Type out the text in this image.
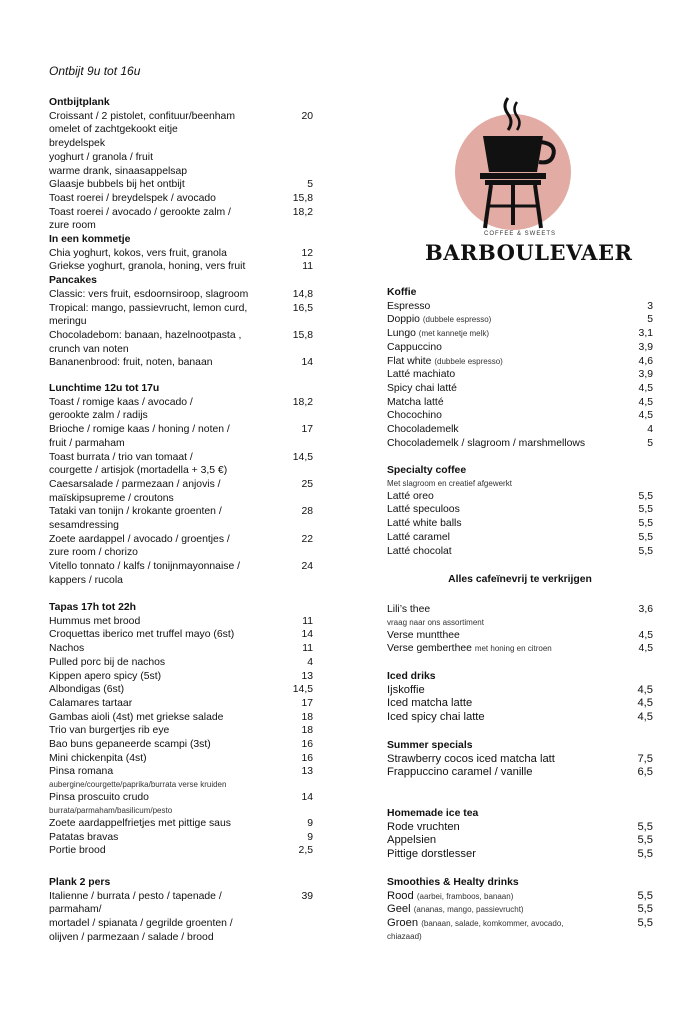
Ontbijt 9u tot 16u
COFFEE & SWEETS
BARBOULEVAER
Ontbijtplank
Croissant / 2 pistolet, confituur/beenham	20
omelet of zachtgekookt eitje
breydelspek
yoghurt / granola / fruit
warme drank, sinaasappelsap
Glaasje bubbels bij het ontbijt	5
Toast roerei / breydelspek / avocado	15,8
Toast roerei / avocado / gerookte zalm /	18,2
zure room
In een kommetje
Chia yoghurt, kokos, vers fruit, granola	12
Griekse yoghurt, granola, honing, vers fruit	11
Pancakes
Classic: vers fruit, esdoornsiroop, slagroom	14,8
Tropical: mango, passievrucht, lemon curd,	16,5
meringu
Chocoladebom: banaan, hazelnootpasta ,	15,8
crunch van noten
Bananenbrood: fruit, noten, banaan	14
Lunchtime 12u tot 17u
Toast / romige kaas / avocado /	18,2
gerookte zalm / radijs
Brioche / romige kaas / honing / noten /	17
fruit / parmaham
Toast burrata / trio van tomaat /	14,5
courgette / artisjok (mortadella + 3,5 €)
Caesarsalade / parmezaan / anjovis /	25
maïskipsupreme / croutons
Tataki van tonijn / krokante groenten /	28
sesamdressing
Zoete aardappel / avocado / groentjes /	22
zure room / chorizo
Vitello tonnato / kalfs / tonijnmayonnaise /	24
kappers / rucola
Tapas 17h tot 22h
Hummus met brood	11
Croquettas iberico met truffel mayo (6st)	14
Nachos	11
Pulled porc bij de nachos	4
Kippen apero spicy (5st)	13
Albondigas (6st)	14,5
Calamares tartaar	17
Gambas aioli (4st) met griekse salade	18
Trio van burgertjes rib eye	18
Bao buns gepaneerde scampi (3st)	16
Mini chickenpita (4st)	16
Pinsa romana	13
aubergine/courgette/paprika/burrata verse kruiden
Pinsa proscuito crudo	14
burrata/parmaham/basilicum/pesto
Zoete aardappelfrietjes met pittige saus	9
Patatas bravas	9
Portie brood	2,5
Plank 2 pers
Italienne / burrata / pesto / tapenade /	39
parmaham/
mortadel / spianata / gegrilde groenten /
olijven / parmezaan / salade / brood
Koffie
Espresso	3
Doppio (dubbele espresso)	5
Lungo (met kannetje melk)	3,1
Cappuccino	3,9
Flat white (dubbele espresso)	4,6
Latté machiato	3,9
Spicy chai latté	4,5
Matcha latté	4,5
Chocochino	4,5
Chocolademelk	4
Chocolademelk / slagroom / marshmellows	5
Specialty coffee
Met slagroom en creatief afgewerkt
Latté oreo	5,5
Latté speculoos	5,5
Latté white balls	5,5
Latté caramel	5,5
Latté chocolat	5,5
Alles cafeïnevrij te verkrijgen
Lili’s thee	3,6
vraag naar ons assortiment
Verse muntthee	4,5
Verse gemberthee met honing en citroen	4,5
Iced driks
Ijskoffie	4,5
Iced matcha latte	4,5
Iced spicy chai latte	4,5
Summer specials
Strawberry cocos iced matcha latt	7,5
Frappuccino caramel / vanille	6,5
Homemade ice tea
Rode vruchten	5,5
Appelsien	5,5
Pittige dorstlesser	5,5
Smoothies & Healty drinks
Rood (aarbei, framboos, banaan)	5,5
Geel (ananas, mango, passievrucht)	5,5
Groen (banaan, salade, komkommer, avocado,	5,5
chiazaad)
